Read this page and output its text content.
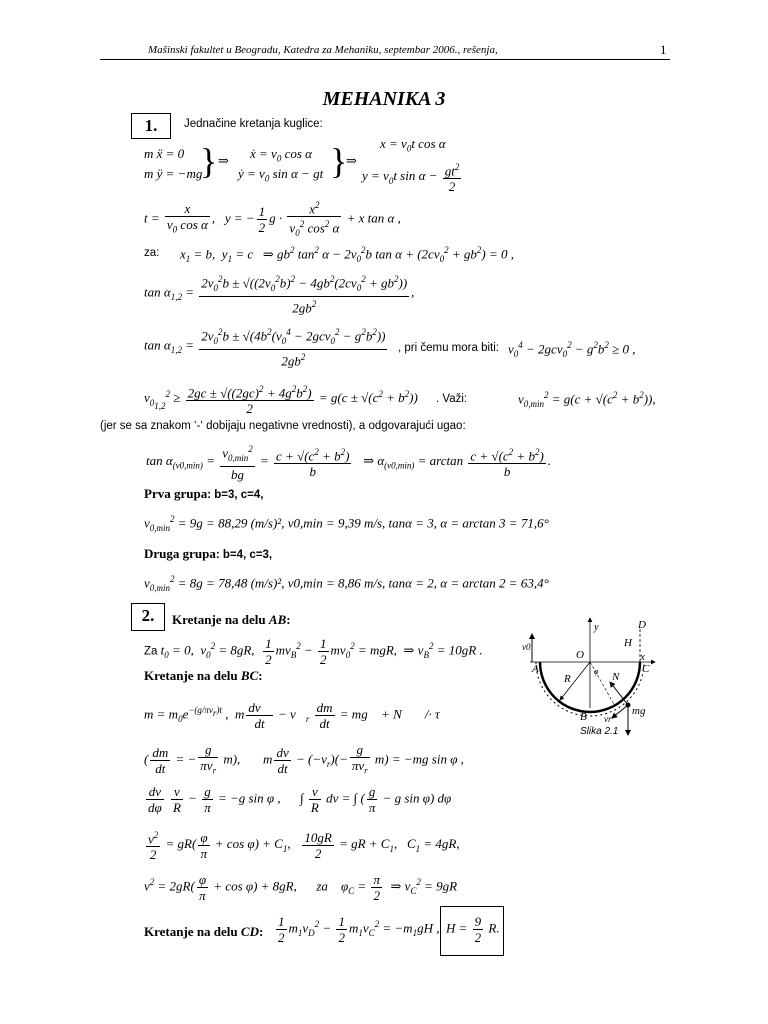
Mašinski fakultet u Beogradu, Katedra za Mehaniku, septembar 2006., rešenja,	1
MEHANIKA 3
1.	Jednačine kretanja kuglice:
$x = v_0t$ cos α
m ẍ = 0
m ÿ = −mg
} ⇒ ẋ = $v_0$ cos α
ẏ = $v_0$ sin α − gt }
⇒
$y = v_0t$ $\sin \alpha - \frac{gt^2}{2}$
$t = \frac{x}{v_0 \cos \alpha}$ ,   y = − $\frac{1}{2}$ $g \cdot \frac{x^2}{v_0^2 \cos^2 \alpha} + x$ tan α ,
za: $x_1 = b$,  $y_1 = c$   ⇒ $gb^2$ $\tan^2 \alpha - 2v_0^2b$ $\tan \alpha + (2cv_0^2 + gb^2) = 0$ ,
$\tan \alpha_{1,2} = \frac{2v_0^2b \pm √((2v_0^2b)^2 - 4gb^2(2cv_0^2 + gb^2))}{2gb^2}$ ,
$\tan \alpha_{1,2} = \frac{2v_0^2b \pm √(4b^2(v_0^4 - 2gcv_0^2 - g^2b^2))}{2gb^2}$ , pri čemu mora biti: $v_0^4 - 2gcv_0^2 - g^2b^2 \ge 0$ ,
$v_{0_{1,2}}^2 \ge \frac{2gc \pm √((2gc)^2 + 4g^2b^2)}{2} = g(c \pm √(c^2 + b^2))$ . Važi:	$v_{0,min}^2 = g(c + √(c^2 + b^2))$,
(jer se sa znakom ‘-‘ dobijaju negativne vrednosti), a odgovarajući ugao:
$\tan \alpha_{(v0,min)} = \frac{v_{0,min}^2}{bg} = \frac{c + √(c^2 + b^2)}{b}$ ⇒ $\alpha_{(v0,min)} = \arctan \frac{c + √(c^2 + b^2)}{b}$ .
Prva grupa: b=3, c=4,
$v_{0,min}^2 = 9g = 88,29$ (m/s)², v0,min = 9,39 m/s, tanα = 3, α = arctan 3 = 71,6°
Druga grupa: b=4, c=3,
$v_{0,min}^2 = 8g = 78,48$ (m/s)², v0,min = 8,86 m/s, tanα = 2, α = arctan 2 = 63,4°
2.	Kretanje na delu AB:
Za $t_0 = 0$,  $v_0^2 = 8gR$, $\frac{1}{2} mv_B^2 - \frac{1}{2} mv_0^2$ = mgR,  ⇒ $v_B^2 = 10gR$ .
Kretanje na delu BC:
$m = m_0e^{-(g/\pi v_r)t}$ ,  m $\frac{dv⃗}{dt}$ − $v⃗_r \frac{dm}{dt}$ = mg⃗ + N⃗    /· τ⃗
( $\frac{dm}{dt}$ = − $\frac{g}{\pi v_r} m$),       m $\frac{dv}{dt} - (-v_r)(- \frac{g}{\pi v_r} m) = -mg$ sin φ ,
$\frac{dv}{d\varphi}$
$\frac{v}{R} - \frac{g}{\pi} = -g$ sin φ ,      ∫ $\frac{v}{R}$ dv = ∫ ( $\frac{g}{\pi} - g$ sin φ) dφ
$\frac{v^2}{2} = gR( \frac{\varphi}{\pi} + \cos \varphi) + C_1$, $\frac{10gR}{2}$ = gR + $C_1$,   $C_1 = 4gR$,
$v^2 = 2gR( \frac{\varphi}{\pi} + \cos \varphi) + 8gR$,      za    $\varphi_C = \frac{\pi}{2}$ ⇒ $v_C^2 = 9gR$
Kretanje na delu CD: $\frac{1}{2} m_1v_D^2 - \frac{1}{2} m_1v_C^2 = -m_1gH$ , $H = \frac{9}{2} R$.
y	D
H
x
A
O
C
R	N
B
v0
vr
mg
φ
Slika 2.1
